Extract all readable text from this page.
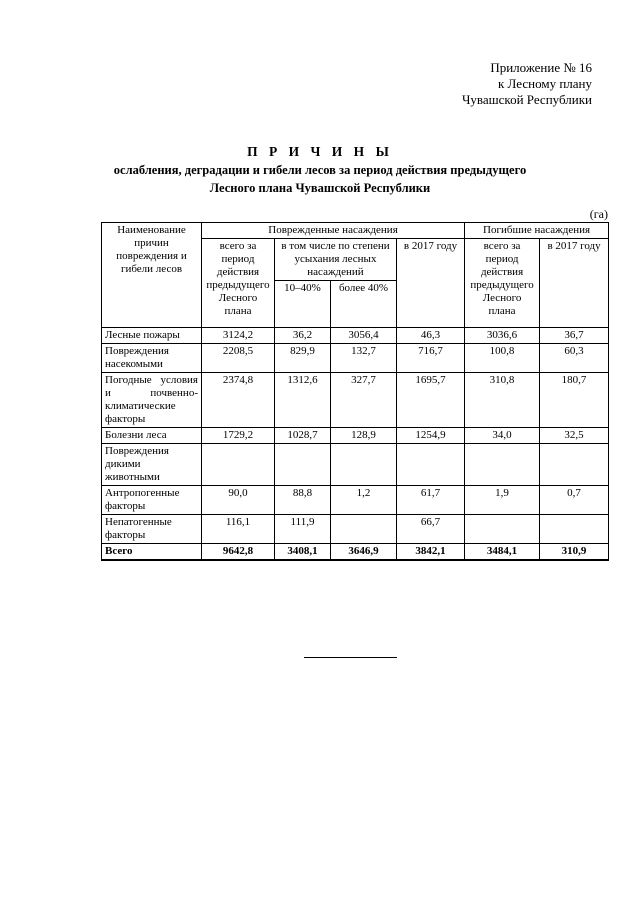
Приложение № 16
к Лесному плану
Чувашской Республики
П Р И Ч И Н Ы
ослабления, деградации и гибели лесов за период действия предыдущего
Лесного плана Чувашской Республики
(га)
Наименование причин повреждения и гибели лесов	Поврежденные насаждения				Погибшие насаждения	
	всего за период действия предыдущего Лесного плана	в том числе по степени усыхания лесных насаждений		в 2017 году	всего за период действия предыдущего Лесного плана	в 2017 году
		10–40%	более 40%			
Лесные пожары	3124,2	36,2	3056,4	46,3	3036,6	36,7
Повреждения насекомыми	2208,5	829,9	132,7	716,7	100,8	60,3
Погодные условия и почвенно-климатические факторы	2374,8	1312,6	327,7	1695,7	310,8	180,7
Болезни леса	1729,2	1028,7	128,9	1254,9	34,0	32,5
Повреждения дикими животными						
Антропогенные факторы	90,0	88,8	1,2	61,7	1,9	0,7
Непатогенные факторы	116,1	111,9		66,7		
Всего	9642,8	3408,1	3646,9	3842,1	3484,1	310,9
